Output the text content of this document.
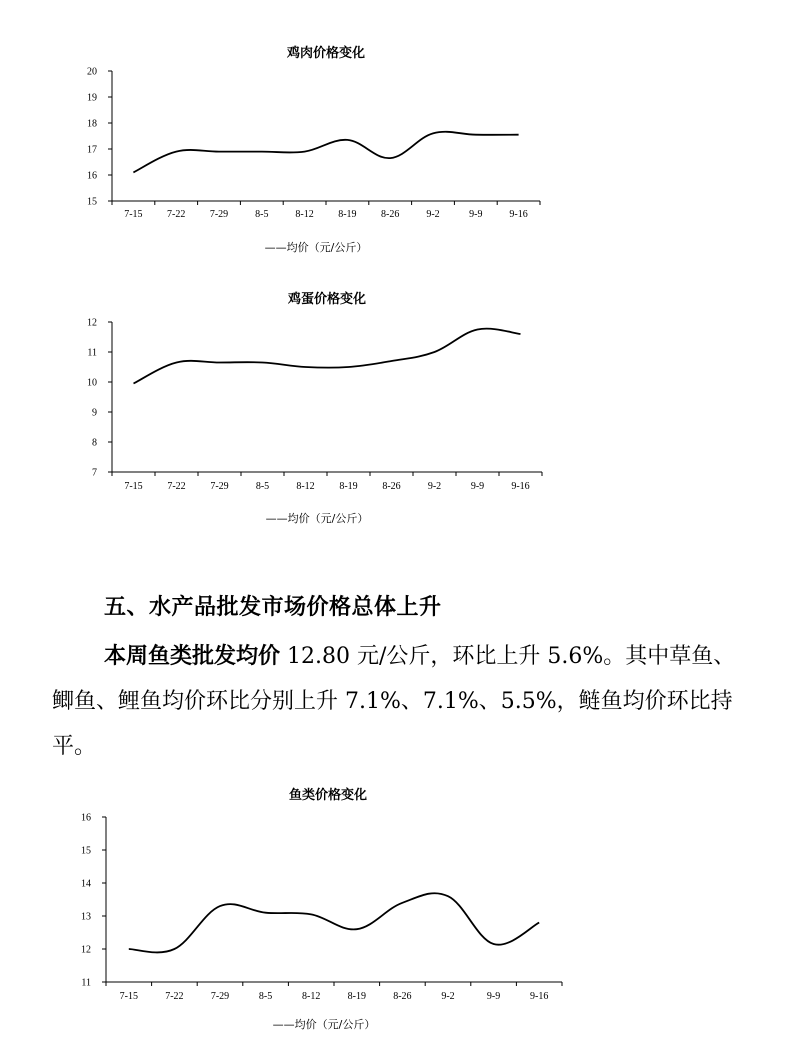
鸡肉价格变化
15
16
17
18
19
20
7-15 7-22 7-29	8-5	8-12 8-19 8-26	9-2	9-9	9-16
——均价（元/公斤）
鸡蛋价格变化
7
8
9
10
11
12
7-15 7-22 7-29	8-5	8-12 8-19 8-26	9-2	9-9	9-16
——均价（元/公斤）
鱼类价格变化
11
12
13
14
15
16
7-15	7-22	7-29	8-5	8-12	8-19	8-26	9-2	9-9	9-16
——均价（元/公斤）
五、水产品批发市场价格总体上升
本周鱼类批发均价 12.80 元/公斤，环比上升 5.6%。其中草鱼、鲫鱼、鲤鱼均价环比分别上升 7.1%、7.1%、5.5%，鲢鱼均价环比持平。
